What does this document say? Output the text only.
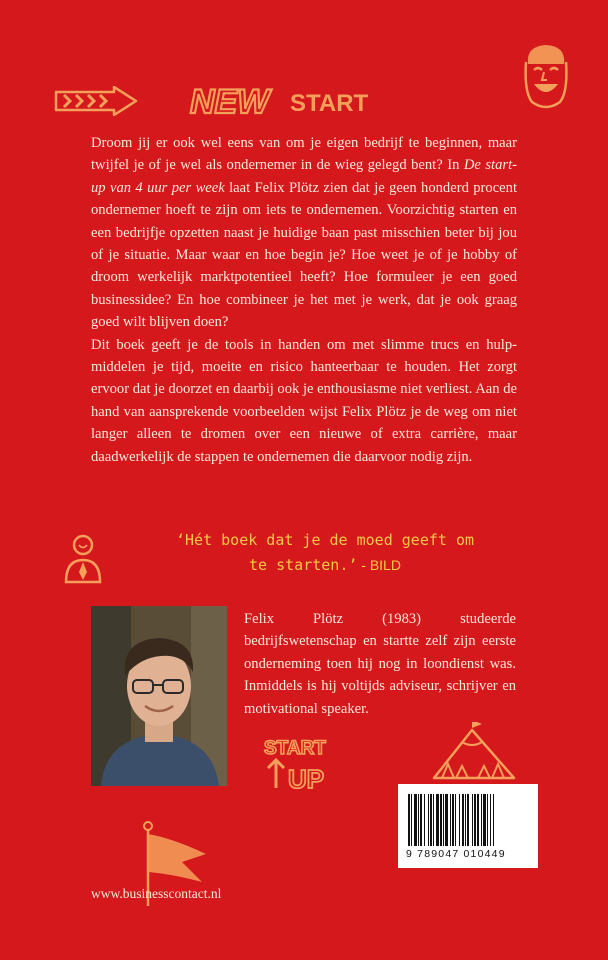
NEW START

Droom jij er ook wel eens van om je eigen bedrijf te beginnen, maar twijfel je of je wel als ondernemer in de wieg gelegd bent? In De start-up van 4 uur per week laat Felix Plötz zien dat je geen honderd procent ondernemer hoeft te zijn om iets te ondernemen. Voorzichtig starten en een bedrijfje opzetten naast je huidige baan past misschien beter bij jou of je situatie. Maar waar en hoe begin je? Hoe weet je of je hobby of droom werkelijk marktpotentieel heeft? Hoe formuleer je een goed businessidee? En hoe combineer je het met je werk, dat je ook graag goed wilt blijven doen?

Dit boek geeft je de tools in handen om met slimme trucs en hulp-middelen je tijd, moeite en risico hanteerbaar te houden. Het zorgt ervoor dat je doorzet en daarbij ook je enthousiasme niet verliest. Aan de hand van aansprekende voorbeelden wijst Felix Plötz je de weg om niet langer alleen te dromen over een nieuwe of extra carrière, maar daadwerkelijk de stappen te ondernemen die daarvoor nodig zijn.

‘Hét boek dat je de moed geeft om
te starten.’ - BILD
Felix Plötz (1983) studeerde bedrijfswetenschap en startte zelf zijn eerste onderneming toen hij nog in loondienst was. Inmiddels is hij voltijds adviseur, schrijver en motivational speaker.
START
UP
9 789047 010449
www.businesscontact.nl
